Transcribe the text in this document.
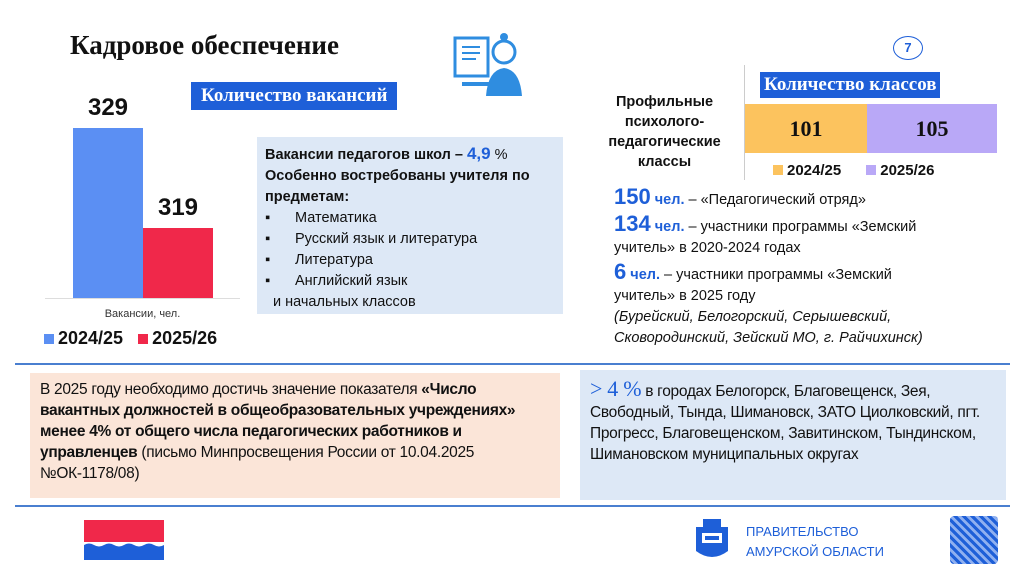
Кадровое обеспечение	7
Количество вакансий
Вакансии, чел.
329
319
2024/25 2025/26
Вакансии педагогов школ – 4,9 %
Особенно востребованы учителя по предметам:
▪ Математика
▪ Русский язык и литература
▪ Литература
▪ Английский язык
и начальных классов
Профильные психолого-педагогические классы
Количество классов
101	105
2024/25	2025/26
150 чел. – «Педагогический отряд»
134 чел. – участники программы «Земский учитель» в 2020-2024 годах
6 чел. – участники программы «Земский учитель» в 2025 году
(Бурейский, Белогорский, Серышевский, Сковородинский, Зейский МО, г. Райчихинск)
В 2025 году необходимо достичь значение показателя «Число вакантных должностей в общеобразовательных учреждениях» менее 4% от общего числа педагогических работников и управленцев (письмо Минпросвещения России от 10.04.2025 №ОК-1178/08)
> 4 % в городах Белогорск, Благовещенск, Зея, Свободный, Тында, Шимановск, ЗАТО Циолковский, пгт. Прогресс, Благовещенском, Завитинском, Тындинском, Шимановском муниципальных округах
ПРАВИТЕЛЬСТВО
АМУРСКОЙ ОБЛАСТИ
